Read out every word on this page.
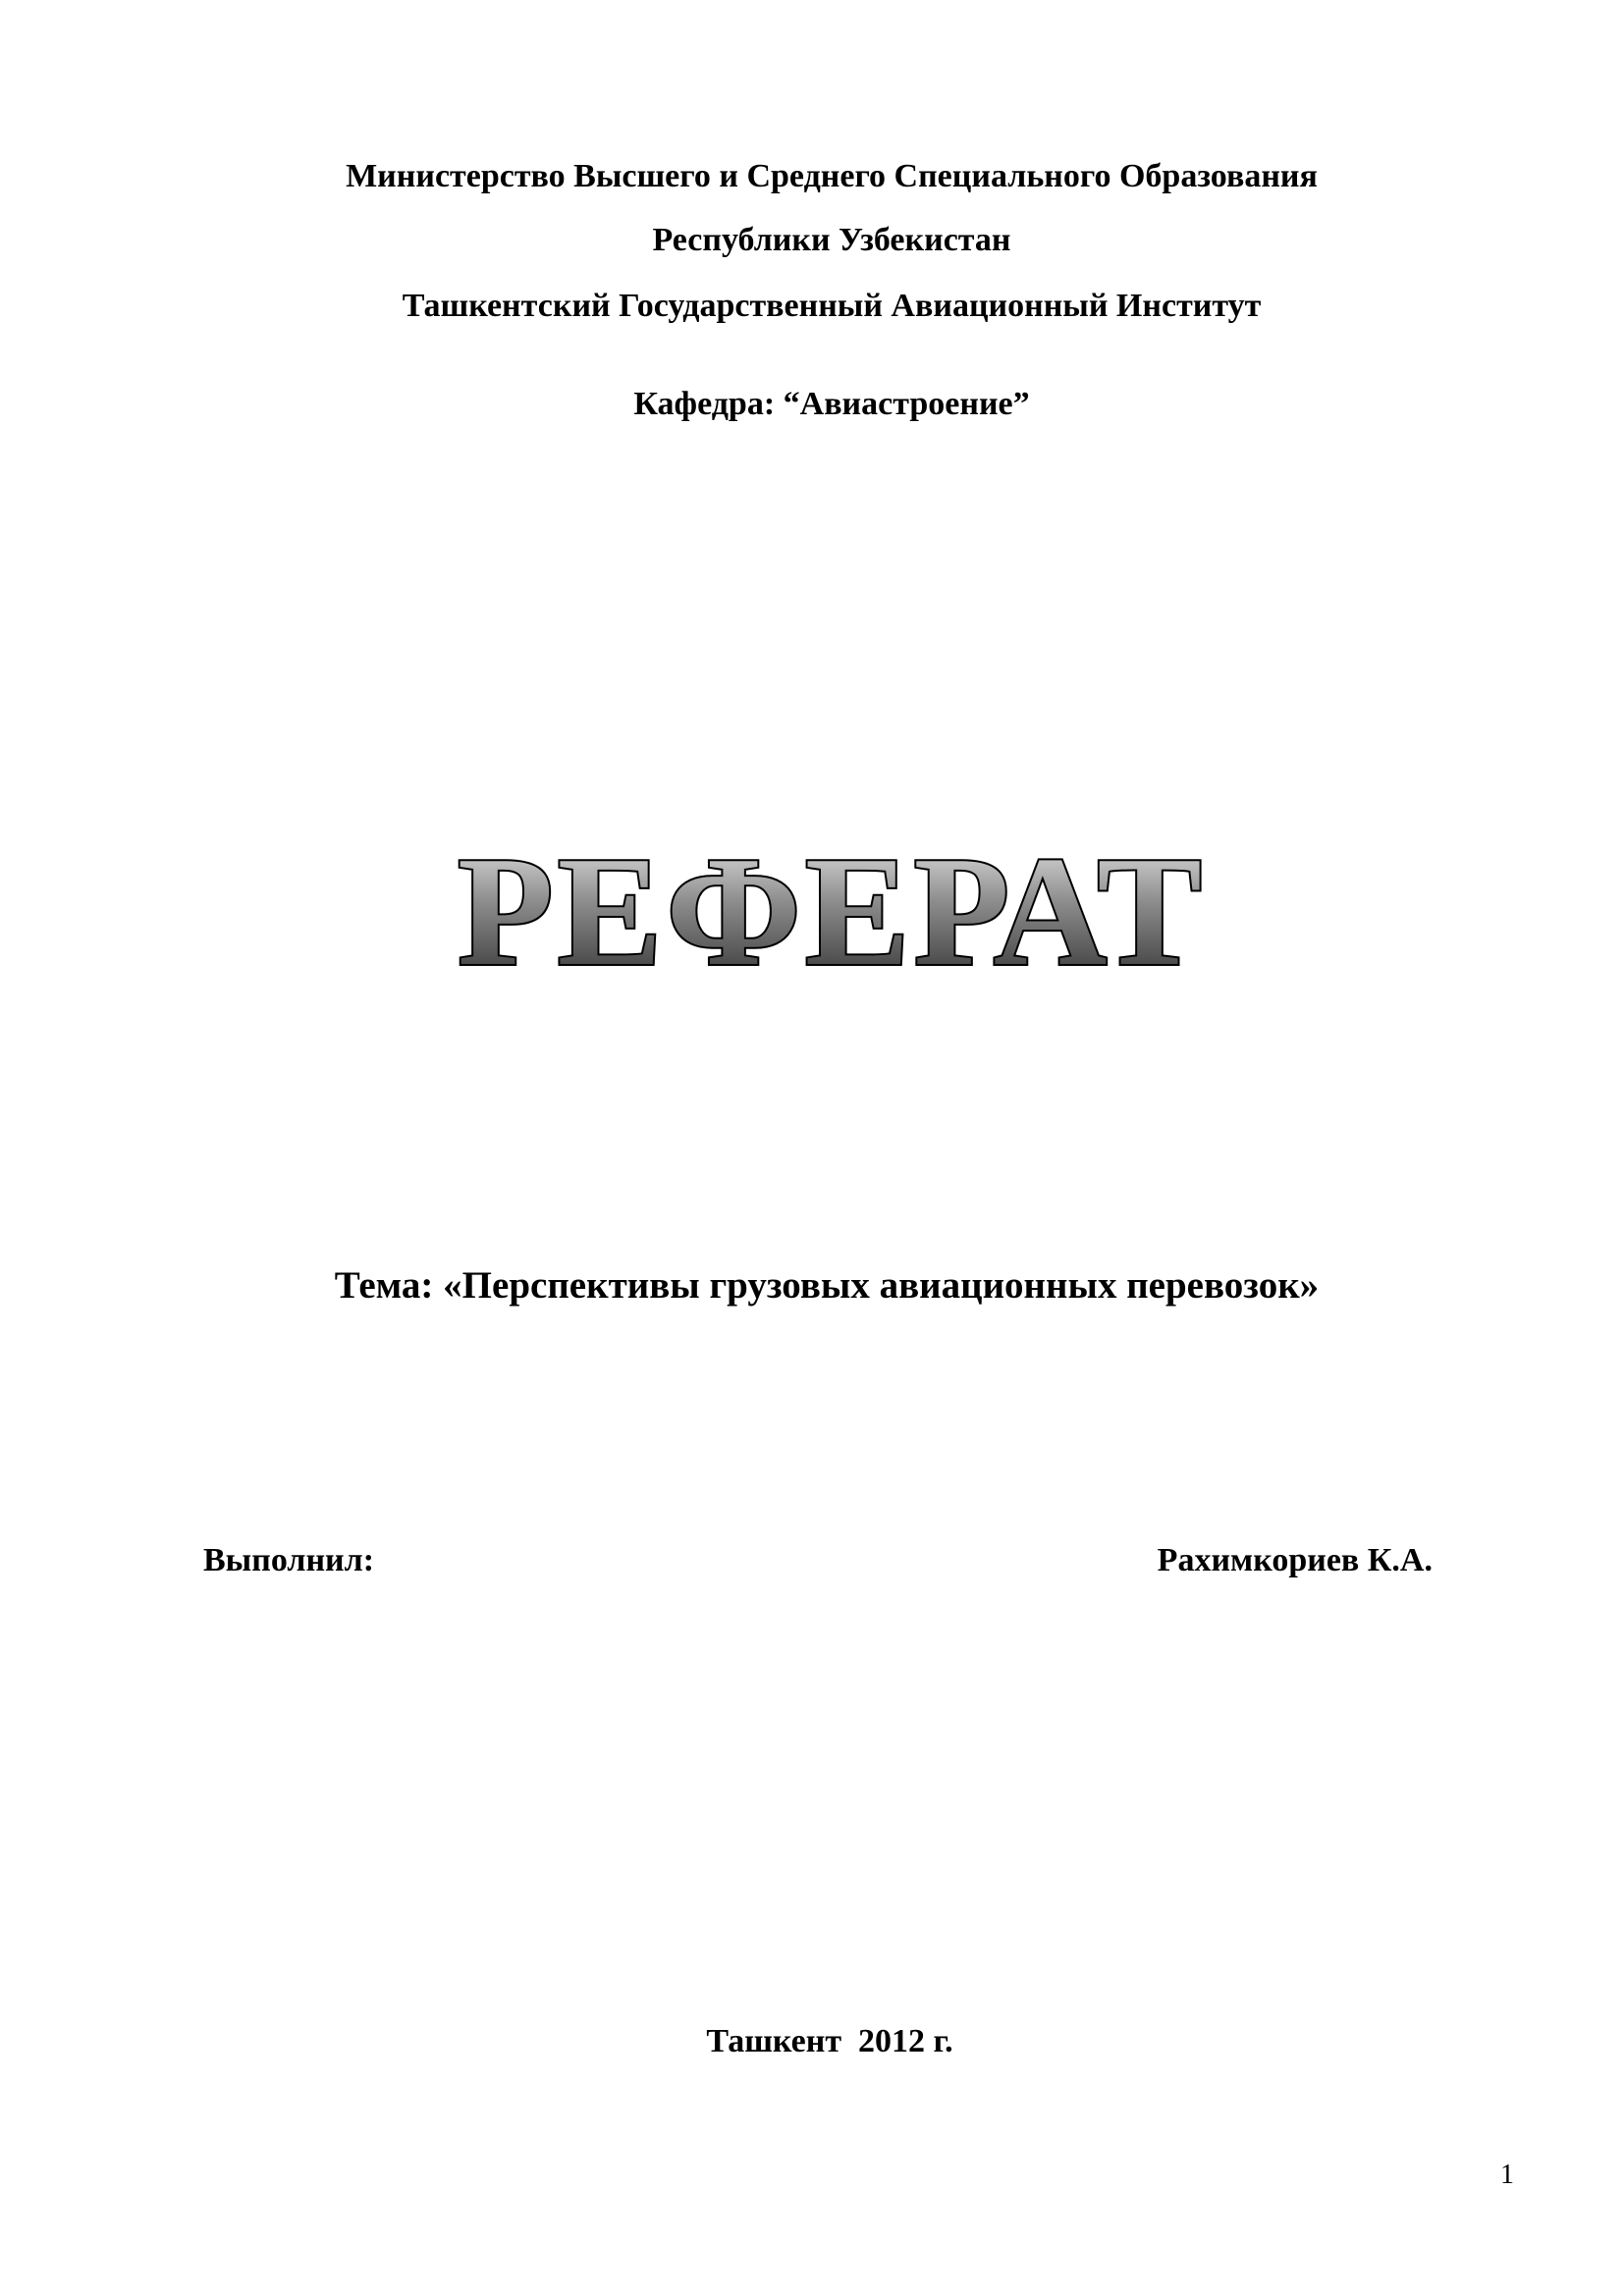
Министерство Высшего и Среднего Специального Образования
Республики Узбекистан
Ташкентский Государственный Авиационный Институт
Кафедра: “Авиастроение”
РЕФЕРАТ
Тема: «Перспективы грузовых авиационных перевозок»
Выполнил:	Рахимкориев К.А.
Ташкент  2012 г.
1
